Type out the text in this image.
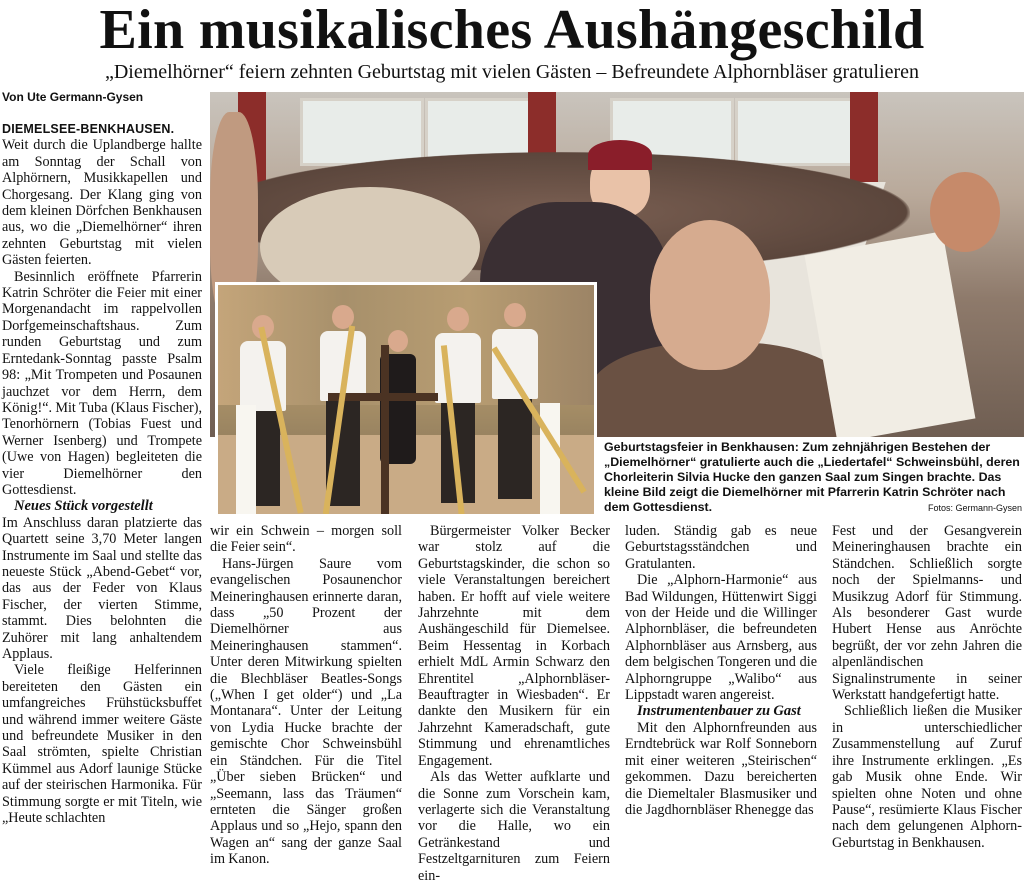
Ein musikalisches Aushängeschild
„Diemelhörner“ feiern zehnten Geburtstag mit vielen Gästen – Befreundete Alphornbläser gratulieren
Von Ute Germann-Gysen
Geburtstagsfeier in Benkhausen: Zum zehnjährigen Bestehen der „Diemelhörner“ gratulierte auch die „Liedertafel“ Schweinsbühl, deren Chorleiterin Silvia Hucke den ganzen Saal zum Singen brachte. Das kleine Bild zeigt die Diemelhörner mit Pfarrerin Katrin Schröter nach dem Gottesdienst.	Fotos: Germann-Gysen

DIEMELSEE-BENKHAUSEN. Weit durch die Uplandberge hallte am Sonntag der Schall von Alphörnern, Musikkapellen und Chorgesang. Der Klang ging von dem kleinen Dörfchen Benkhausen aus, wo die „Diemelhörner“ ihren zehnten Geburtstag mit vielen Gästen feierten.

Besinnlich eröffnete Pfarrerin Katrin Schröter die Feier mit einer Morgenandacht im rappelvollen Dorfgemeinschaftshaus. Zum runden Geburtstag und zum Erntedank-Sonntag passte Psalm 98: „Mit Trompeten und Posaunen jauchzet vor dem Herrn, dem König!“. Mit Tuba (Klaus Fischer), Tenorhörnern (Tobias Fuest und Werner Isenberg) und Trompete (Uwe von Hagen) begleiteten die vier Diemelhörner den Gottesdienst.

Neues Stück vorgestellt

Im Anschluss daran platzierte das Quartett seine 3,70 Meter langen Instrumente im Saal und stellte das neueste Stück „Abend-Gebet“ vor, das aus der Feder von Klaus Fischer, der vierten Stimme, stammt. Dies belohnten die Zuhörer mit lang anhaltendem Applaus.

Viele fleißige Helferinnen bereiteten den Gästen ein umfangreiches Frühstücksbuffet und während immer weitere Gäste und befreundete Musiker in den Saal strömten, spielte Christian Kümmel aus Adorf launige Stücke auf der steirischen Harmonika. Für Stimmung sorgte er mit Titeln, wie „Heute schlachten

wir ein Schwein – morgen soll die Feier sein“.

Hans-Jürgen Saure vom evangelischen Posaunenchor Meineringhausen erinnerte daran, dass „50 Prozent der Diemelhörner aus Meineringhausen stammen“. Unter deren Mitwirkung spielten die Blechbläser Beatles-Songs („When I get older“) und „La Montanara“. Unter der Leitung von Lydia Hucke brachte der gemischte Chor Schweinsbühl ein Ständchen. Für die Titel „Über sieben Brücken“ und „Seemann, lass das Träumen“ ernteten die Sänger großen Applaus und so „Hejo, spann den Wagen an“ sang der ganze Saal im Kanon.

Bürgermeister Volker Becker war stolz auf die Geburtstagskinder, die schon so viele Veranstaltungen bereichert haben. Er hofft auf viele weitere Jahrzehnte mit dem Aushängeschild für Diemelsee. Beim Hessentag in Korbach erhielt MdL Armin Schwarz den Ehrentitel „Alphornbläser-Beauftragter in Wiesbaden“. Er dankte den Musikern für ein Jahrzehnt Kameradschaft, gute Stimmung und ehrenamtliches Engagement.

Als das Wetter aufklarte und die Sonne zum Vorschein kam, verlagerte sich die Veranstaltung vor die Halle, wo ein Getränkestand und Festzeltgarnituren zum Feiern ein-

luden. Ständig gab es neue Geburtstagsständchen und Gratulanten.

Die „Alphorn-Harmonie“ aus Bad Wildungen, Hüttenwirt Siggi von der Heide und die Willinger Alphornbläser, die befreundeten Alphornbläser aus Arnsberg, aus dem belgischen Tongeren und die Alphorngruppe „Walibo“ aus Lippstadt waren angereist.

Instrumentenbauer zu Gast

Mit den Alphornfreunden aus Erndtebrück war Rolf Sonneborn mit einer weiteren „Steirischen“ gekommen. Dazu bereicherten die Diemeltaler Blasmusiker und die Jagdhornbläser Rhenegge das

Fest und der Gesangverein Meineringhausen brachte ein Ständchen. Schließlich sorgte noch der Spielmanns- und Musikzug Adorf für Stimmung. Als besonderer Gast wurde Hubert Hense aus Anröchte begrüßt, der vor zehn Jahren die alpenländischen Signalinstrumente in seiner Werkstatt handgefertigt hatte.

Schließlich ließen die Musiker in unterschiedlicher Zusammenstellung auf Zuruf ihre Instrumente erklingen. „Es gab Musik ohne Ende. Wir spielten ohne Noten und ohne Pause“, resümierte Klaus Fischer nach dem gelungenen Alphorn-Geburtstag in Benkhausen.
